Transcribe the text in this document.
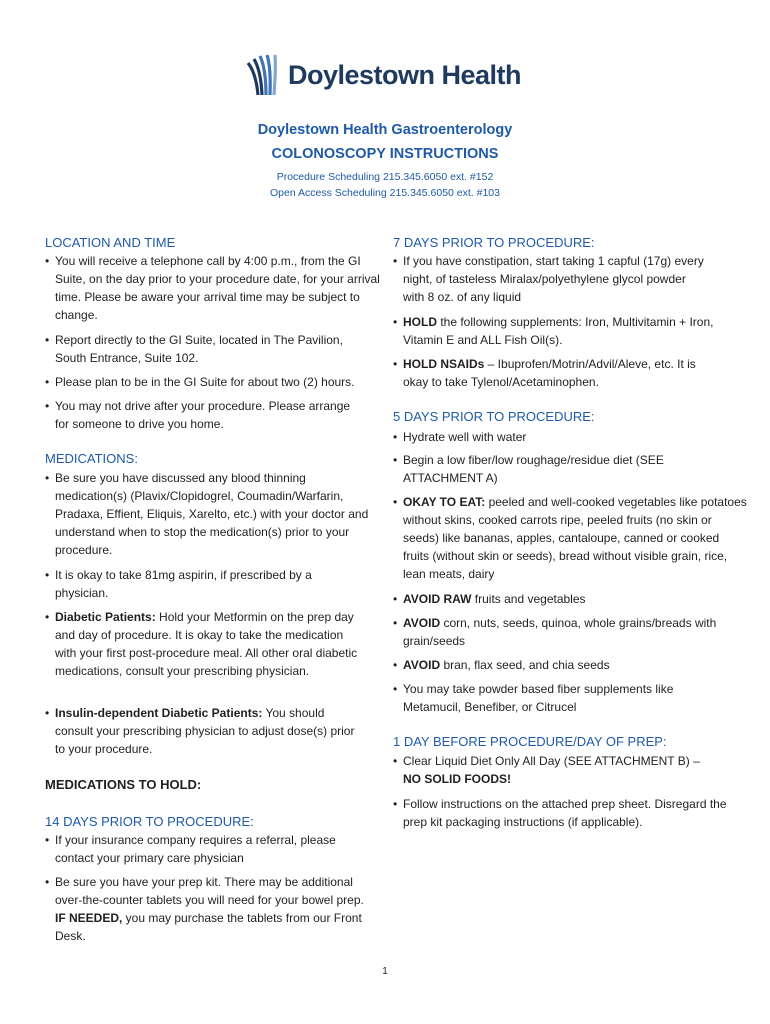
Doylestown Health
Doylestown Health Gastroenterology
COLONOSCOPY INSTRUCTIONS
Procedure Scheduling 215.345.6050 ext. #152
Open Access Scheduling 215.345.6050 ext. #103
LOCATION AND TIME
• You will receive a telephone call by 4:00 p.m., from the GI Suite, on the day prior to your procedure date, for your arrival time. Please be aware your arrival time may be subject to change.
• Report directly to the GI Suite, located in The Pavilion, South Entrance, Suite 102.
• Please plan to be in the GI Suite for about two (2) hours.
• You may not drive after your procedure. Please arrange for someone to drive you home.
MEDICATIONS:
• Be sure you have discussed any blood thinning medication(s) (Plavix/Clopidogrel, Coumadin/Warfarin, Pradaxa, Effient, Eliquis, Xarelto, etc.) with your doctor and understand when to stop the medication(s) prior to your procedure.
• It is okay to take 81mg aspirin, if prescribed by a physician.
• Diabetic Patients: Hold your Metformin on the prep day and day of procedure. It is okay to take the medication with your first post-procedure meal. All other oral diabetic medications, consult your prescribing physician.
• Insulin-dependent Diabetic Patients: You should consult your prescribing physician to adjust dose(s) prior to your procedure.
MEDICATIONS TO HOLD:
14 DAYS PRIOR TO PROCEDURE:
• If your insurance company requires a referral, please contact your primary care physician
• Be sure you have your prep kit. There may be additional over-the-counter tablets you will need for your bowel prep. IF NEEDED, you may purchase the tablets from our Front Desk.
7 DAYS PRIOR TO PROCEDURE:
• If you have constipation, start taking 1 capful (17g) every night, of tasteless Miralax/polyethylene glycol powder with 8 oz. of any liquid
• HOLD the following supplements: Iron, Multivitamin + Iron, Vitamin E and ALL Fish Oil(s).
• HOLD NSAIDs – Ibuprofen/Motrin/Advil/Aleve, etc. It is okay to take Tylenol/Acetaminophen.
5 DAYS PRIOR TO PROCEDURE:
• Hydrate well with water
• Begin a low fiber/low roughage/residue diet (SEE ATTACHMENT A)
• OKAY TO EAT: peeled and well-cooked vegetables like potatoes without skins, cooked carrots ripe, peeled fruits (no skin or seeds) like bananas, apples, cantaloupe, canned or cooked fruits (without skin or seeds), bread without visible grain, rice, lean meats, dairy
• AVOID RAW fruits and vegetables
• AVOID corn, nuts, seeds, quinoa, whole grains/breads with grain/seeds
• AVOID bran, flax seed, and chia seeds
• You may take powder based fiber supplements like Metamucil, Benefiber, or Citrucel
1 DAY BEFORE PROCEDURE/DAY OF PREP:
• Clear Liquid Diet Only All Day (SEE ATTACHMENT B) –
NO SOLID FOODS!
• Follow instructions on the attached prep sheet. Disregard the prep kit packaging instructions (if applicable).
1
